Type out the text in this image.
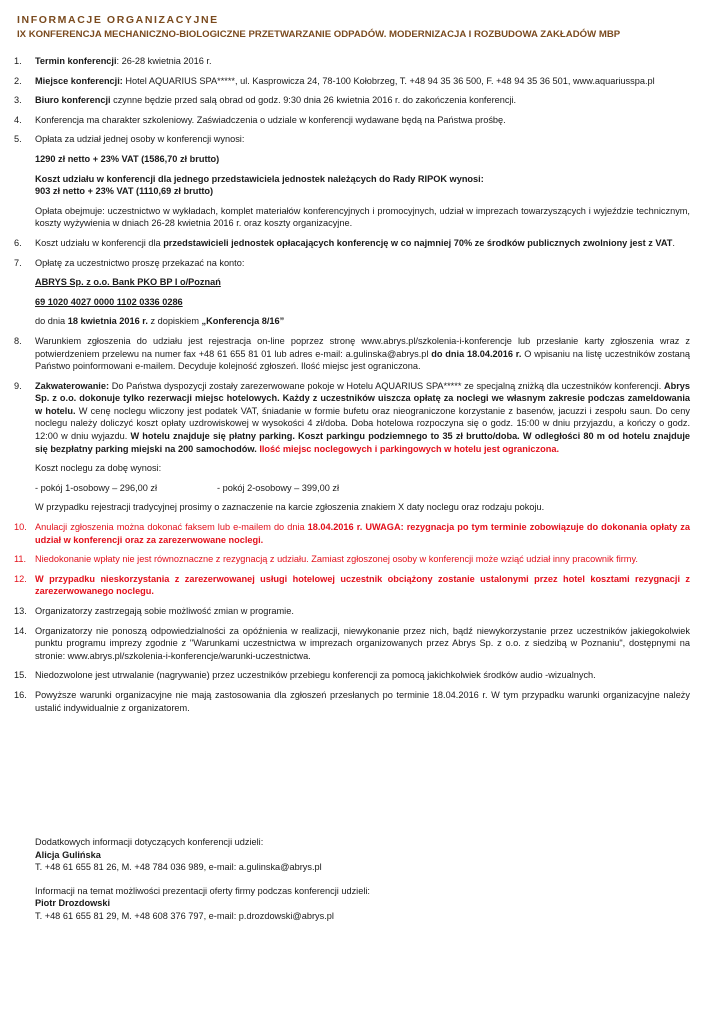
INFORMACJE ORGANIZACYJNE
IX KONFERENCJA MECHANICZNO-BIOLOGICZNE PRZETWARZANIE ODPADÓW. MODERNIZACJA I ROZBUDOWA ZAKŁADÓW MBP
1.	Termin konferencji: 26-28 kwietnia 2016 r.
2.	Miejsce konferencji: Hotel AQUARIUS SPA*****, ul. Kasprowicza 24, 78-100 Kołobrzeg, T. +48 94 35 36 500, F. +48 94 35 36 501, www.aquariusspa.pl
3.	Biuro konferencji czynne będzie przed salą obrad od godz. 9:30 dnia 26 kwietnia 2016 r. do zakończenia konferencji.
4.	Konferencja ma charakter szkoleniowy. Zaświadczenia o udziale w konferencji wydawane będą na Państwa prośbę.
5.	Opłata za udział jednej osoby w konferencji wynosi:

1290 zł netto + 23% VAT (1586,70 zł brutto)

Koszt udziału w konferencji dla jednego przedstawiciela jednostek należących do Rady RIPOK wynosi:
903 zł netto + 23% VAT (1110,69 zł brutto)

Opłata obejmuje: uczestnictwo w wykładach, komplet materiałów konferencyjnych i promocyjnych, udział w imprezach towarzyszących i wyjeździe technicznym, koszty wyżywienia w dniach 26-28 kwietnia 2016 r. oraz koszty organizacyjne.

6.	Koszt udziału w konferencji dla przedstawicieli jednostek opłacających konferencję w co najmniej 70% ze środków publicznych zwolniony jest z VAT.
7.	Opłatę za uczestnictwo proszę przekazać na konto:

ABRYS Sp. z o.o. Bank PKO BP I o/Poznań

69 1020 4027 0000 1102 0336 0286

do dnia 18 kwietnia 2016 r. z dopiskiem „Konferencja 8/16”

8.	Warunkiem zgłoszenia do udziału jest rejestracja on-line poprzez stronę www.abrys.pl/szkolenia-i-konferencje lub przesłanie karty zgłoszenia wraz z potwierdzeniem przelewu na numer fax +48 61 655 81 01 lub adres e-mail: a.gulinska@abrys.pl do dnia 18.04.2016 r. O wpisaniu na listę uczestników zostaną Państwo poinformowani e-mailem. Decyduje kolejność zgłoszeń. Ilość miejsc jest ograniczona.
9.	Zakwaterowanie: Do Państwa dyspozycji zostały zarezerwowane pokoje w Hotelu AQUARIUS SPA***** ze specjalną zniżką dla uczestników konferencji. Abrys Sp. z o.o. dokonuje tylko rezerwacji miejsc hotelowych. Każdy z uczestników uiszcza opłatę za noclegi we własnym zakresie podczas zameldowania w hotelu. W cenę noclegu wliczony jest podatek VAT, śniadanie w formie bufetu oraz nieograniczone korzystanie z basenów, jacuzzi i zespołu saun. Do ceny noclegu należy doliczyć koszt opłaty uzdrowiskowej w wysokości 4 zł/doba. Doba hotelowa rozpoczyna się o godz. 15:00 w dniu przyjazdu, a kończy o godz. 12:00 w dniu wyjazdu. W hotelu znajduje się płatny parking. Koszt parkingu podziemnego to 35 zł brutto/doba. W odległości 80 m od hotelu znajduje się bezpłatny parking miejski na 200 samochodów. Ilość miejsc noclegowych i parkingowych w hotelu jest ograniczona.

Koszt noclegu za dobę wynosi:

- pokój 1-osobowy – 296,00 zł	- pokój 2-osobowy – 399,00 zł

W przypadku rejestracji tradycyjnej prosimy o zaznaczenie na karcie zgłoszenia znakiem X daty noclegu oraz rodzaju pokoju.

10. Anulacji zgłoszenia można dokonać faksem lub e-mailem do dnia 18.04.2016 r. UWAGA: rezygnacja po tym terminie zobowiązuje do dokonania opłaty za udział w konferencji oraz za zarezerwowane noclegi.
11. Niedokonanie wpłaty nie jest równoznaczne z rezygnacją z udziału. Zamiast zgłoszonej osoby w konferencji może wziąć udział inny pracownik firmy.
12. W przypadku nieskorzystania z zarezerwowanej usługi hotelowej uczestnik obciążony zostanie ustalonymi przez hotel kosztami rezygnacji z zarezerwowanego noclegu.
13. Organizatorzy zastrzegają sobie możliwość zmian w programie.
14. Organizatorzy nie ponoszą odpowiedzialności za opóźnienia w realizacji, niewykonanie przez nich, bądź niewykorzystanie przez uczestników jakiegokolwiek punktu programu imprezy zgodnie z "Warunkami uczestnictwa w imprezach organizowanych przez Abrys Sp. z o.o. z siedzibą w Poznaniu", dostępnymi na stronie: www.abrys.pl/szkolenia-i-konferencje/warunki-uczestnictwa.
15. Niedozwolone jest utrwalanie (nagrywanie) przez uczestników przebiegu konferencji za pomocą jakichkolwiek środków audio -wizualnych.
16. Powyższe warunki organizacyjne nie mają zastosowania dla zgłoszeń przesłanych po terminie 18.04.2016 r. W tym przypadku warunki organizacyjne należy ustalić indywidualnie z organizatorem.

Dodatkowych informacji dotyczących konferencji udzieli:

Alicja Gulińska

T. +48 61 655 81 26, M. +48 784 036 989, e-mail: a.gulinska@abrys.pl

Informacji na temat możliwości prezentacji oferty firmy podczas konferencji udzieli:

Piotr Drozdowski

T. +48 61 655 81 29, M. +48 608 376 797, e-mail: p.drozdowski@abrys.pl
